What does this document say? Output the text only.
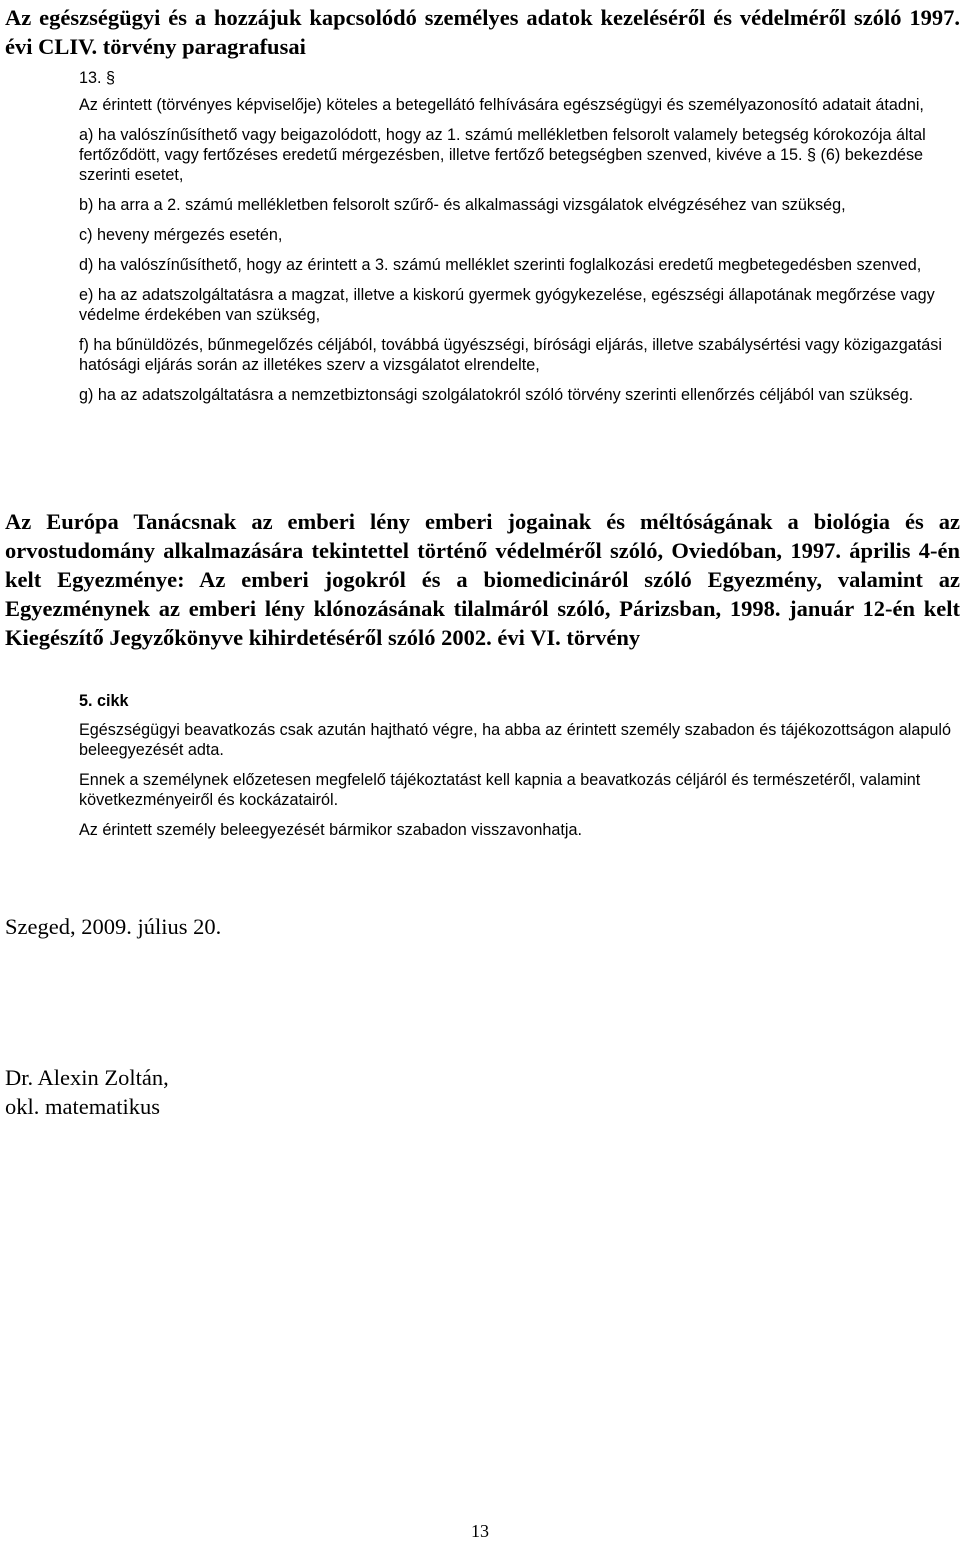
Az egészségügyi és a hozzájuk kapcsolódó személyes adatok kezeléséről és védelméről szóló 1997. évi CLIV. törvény paragrafusai

13. §

Az érintett (törvényes képviselője) köteles a betegellátó felhívására egészségügyi és személyazonosító adatait átadni,

a) ha valószínűsíthető vagy beigazolódott, hogy az 1. számú mellékletben felsorolt valamely betegség kórokozója által fertőződött, vagy fertőzéses eredetű mérgezésben, illetve fertőző betegségben szenved, kivéve a 15. § (6) bekezdése szerinti esetet,

b) ha arra a 2. számú mellékletben felsorolt szűrő- és alkalmassági vizsgálatok elvégzéséhez van szükség,

c) heveny mérgezés esetén,

d) ha valószínűsíthető, hogy az érintett a 3. számú melléklet szerinti foglalkozási eredetű megbetegedésben szenved,

e) ha az adatszolgáltatásra a magzat, illetve a kiskorú gyermek gyógykezelése, egészségi állapotának megőrzése vagy védelme érdekében van szükség,

f) ha bűnüldözés, bűnmegelőzés céljából, továbbá ügyészségi, bírósági eljárás, illetve szabálysértési vagy közigazgatási hatósági eljárás során az illetékes szerv a vizsgálatot elrendelte,

g) ha az adatszolgáltatásra a nemzetbiztonsági szolgálatokról szóló törvény szerinti ellenőrzés céljából van szükség.

Az Európa Tanácsnak az emberi lény emberi jogainak és méltóságának a biológia és az orvostudomány alkalmazására tekintettel történő védelméről szóló, Oviedóban, 1997. április 4-én kelt Egyezménye: Az emberi jogokról és a biomedicináról szóló Egyezmény, valamint az Egyezménynek az emberi lény klónozásának tilalmáról szóló, Párizsban, 1998. január 12-én kelt Kiegészítő Jegyzőkönyve kihirdetéséről szóló 2002. évi VI. törvény

5. cikk

Egészségügyi beavatkozás csak azután hajtható végre, ha abba az érintett személy szabadon és tájékozottságon alapuló beleegyezését adta.

Ennek a személynek előzetesen megfelelő tájékoztatást kell kapnia a beavatkozás céljáról és természetéről, valamint következményeiről és kockázatairól.

Az érintett személy beleegyezését bármikor szabadon visszavonhatja.

Szeged, 2009. július 20.
Dr. Alexin Zoltán,
okl. matematikus
13
